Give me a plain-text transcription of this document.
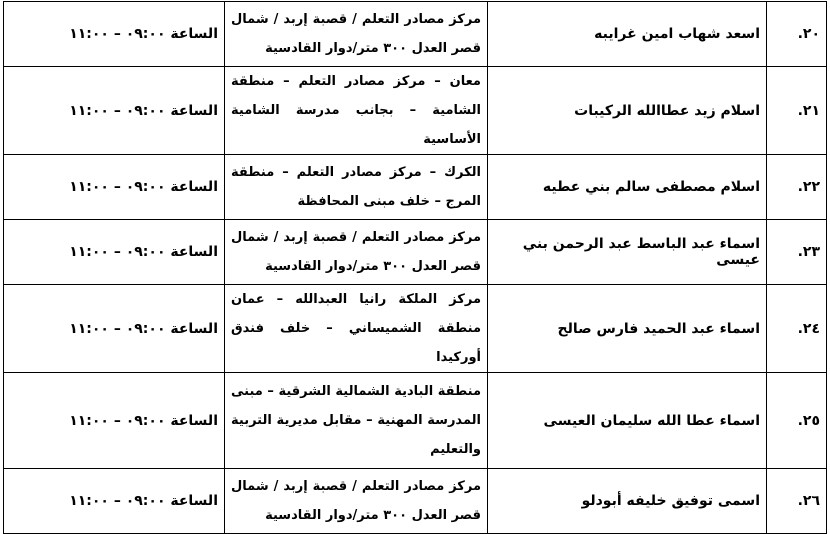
٢٠.	اسعد شهاب امين غرايبه	مركز مصادر التعلم / قصبة إربد / شمال قصر العدل ٣٠٠ متر/دوار القادسية	الساعة ٠٩:٠٠ – ١١:٠٠
٢١.	اسلام زيد عطاالله الركيبات	معان – مركز مصادر التعلم – منطقة الشامية – بجانب مدرسة الشامية الأساسية	الساعة ٠٩:٠٠ – ١١:٠٠
٢٢.	اسلام مصطفى سالم بني عطيه	الكرك – مركز مصادر التعلم – منطقة المرج – خلف مبنى المحافظة	الساعة ٠٩:٠٠ – ١١:٠٠
٢٣.	اسماء عبد الباسط عبد الرحمن بني عيسى	مركز مصادر التعلم / قصبة إربد / شمال قصر العدل ٣٠٠ متر/دوار القادسية	الساعة ٠٩:٠٠ – ١١:٠٠
٢٤.	اسماء عبد الحميد فارس صالح	مركز الملكة رانيا العبدالله – عمان منطقة الشميساني – خلف فندق أوركيدا	الساعة ٠٩:٠٠ – ١١:٠٠
٢٥.	اسماء عطا الله سليمان العيسى	منطقة البادية الشمالية الشرقية – مبنى المدرسة المهنية – مقابل مديرية التربية والتعليم	الساعة ٠٩:٠٠ – ١١:٠٠
٢٦.	اسمى توفيق خليفه أبودلو	مركز مصادر التعلم / قصبة إربد / شمال قصر العدل ٣٠٠ متر/دوار القادسية	الساعة ٠٩:٠٠ – ١١:٠٠
